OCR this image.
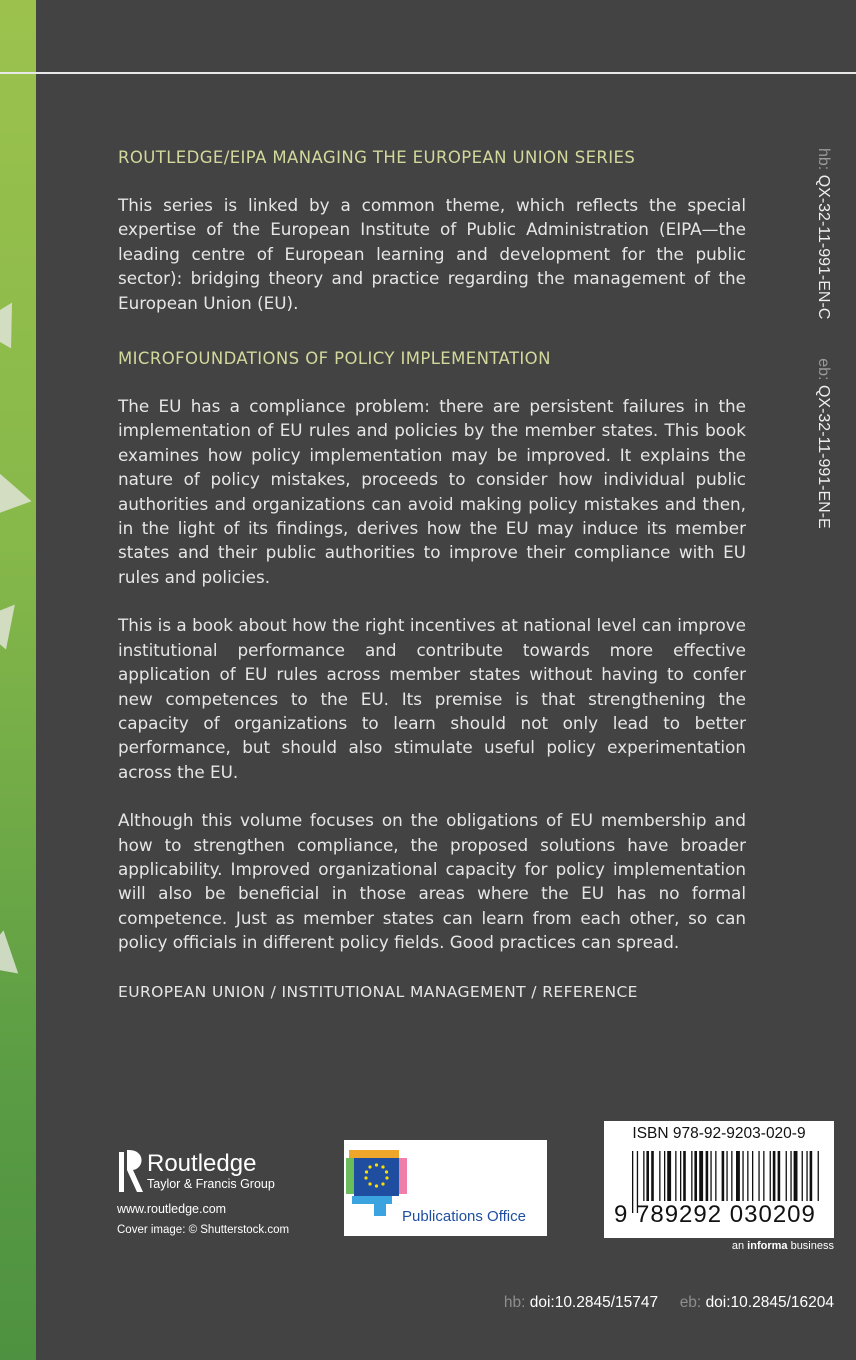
ROUTLEDGE/EIPA MANAGING THE EUROPEAN UNION SERIES

This series is linked by a common theme, which reflects the special expertise of the European Institute of Public Administration (EIPA—the leading centre of European learning and development for the public sector): bridging theory and practice regarding the management of the European Union (EU).

MICROFOUNDATIONS OF POLICY IMPLEMENTATION

The EU has a compliance problem: there are persistent failures in the implementation of EU rules and policies by the member states. This book examines how policy implementation may be improved. It explains the nature of policy mistakes, proceeds to consider how individual public authorities and organizations can avoid making policy mistakes and then, in the light of its findings, derives how the EU may induce its member states and their public authorities to improve their compliance with EU rules and policies.

This is a book about how the right incentives at national level can improve institutional performance and contribute towards more effective application of EU rules across member states without having to confer new competences to the EU. Its premise is that strengthening the capacity of organizations to learn should not only lead to better performance, but should also stimulate useful policy experimentation across the EU.

Although this volume focuses on the obligations of EU membership and how to strengthen compliance, the proposed solutions have broader applicability. Improved organizational capacity for policy implementation will also be beneficial in those areas where the EU has no formal competence. Just as member states can learn from each other, so can policy officials in different policy fields. Good practices can spread.

EUROPEAN UNION / INSTITUTIONAL MANAGEMENT / REFERENCE
hb: QX-32-11-991-EN-C  eb: QX-32-11-991-EN-E
Routledge
Taylor & Francis Group
www.routledge.com
Cover image: © Shutterstock.com
Publications Office
ISBN 978-92-9203-020-9
9 789292 030209
an informa business
hb: doi:10.2845/15747 eb: doi:10.2845/16204
